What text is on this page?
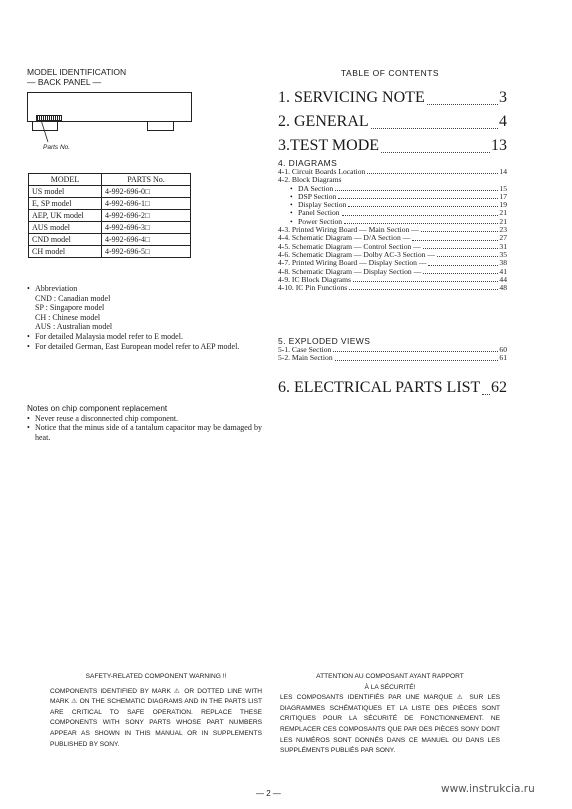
MODEL IDENTIFICATION
— BACK PANEL —
Parts No.
MODEL	PARTS No.
US model	4-992-696-0□
E, SP model	4-992-696-1□
AEP, UK model	4-992-696-2□
AUS model	4-992-696-3□
CND model	4-992-696-4□
CH model	4-992-696-5□
• Abbreviation
CND : Canadian model
SP : Singapore model
CH : Chinese model
AUS : Australian model
• For detailed Malaysia model refer to E model.
• For detailed German, East European model refer to AEP model.
Notes on chip component replacement
• Never reuse a disconnected chip component.
• Notice that the minus side of a tantalum capacitor may be damaged by heat.
TABLE OF CONTENTS
1. SERVICING NOTE	3
2. GENERAL	4
3.TEST MODE	13
4. DIAGRAMS
4-1. Circuit Boards Location	14
4-2. Block Diagrams
• DA Section	15
• DSP Section	17
• Display Section	19
• Panel Section	21
• Power Section	21
4-3. Printed Wiring Board — Main Section —	23
4-4. Schematic Diagram — D/A Section —	27
4-5. Schematic Diagram — Control Section —	31
4-6. Schematic Diagram — Dolby AC-3 Section —	35
4-7. Printed Wiring Board — Display Section —	38
4-8. Schematic Diagram — Display Section —	41
4-9. IC Block Diagrams	44
4-10. IC Pin Functions	48
5. EXPLODED VIEWS
5-1. Case Section	60
5-2. Main Section	61
6. ELECTRICAL PARTS LIST 62
SAFETY-RELATED COMPONENT WARNING !!
COMPONENTS IDENTIFIED BY MARK ⚠ OR DOTTED LINE WITH MARK ⚠ ON THE SCHEMATIC DIAGRAMS AND IN THE PARTS LIST ARE CRITICAL TO SAFE OPERATION. REPLACE THESE COMPONENTS WITH SONY PARTS WHOSE PART NUMBERS APPEAR AS SHOWN IN THIS MANUAL OR IN SUPPLEMENTS PUBLISHED BY SONY.
ATTENTION AU COMPOSANT AYANT RAPPORT
À LA SÉCURITÉ!
LES COMPOSANTS IDENTIFIÉS PAR UNE MARQUE ⚠ SUR LES DIAGRAMMES SCHÉMATIQUES ET LA LISTE DES PIÈCES SONT CRITIQUES POUR LA SÉCURITÉ DE FONCTIONNEMENT. NE REMPLACER CES COMPOSANTS QUE PAR DES PIÈCES SONY DONT LES NUMÉROS SONT DONNÉS DANS CE MANUEL OU DANS LES SUPPLÉMENTS PUBLIÉS PAR SONY.
— 2 —	www.instrukcia.ru
